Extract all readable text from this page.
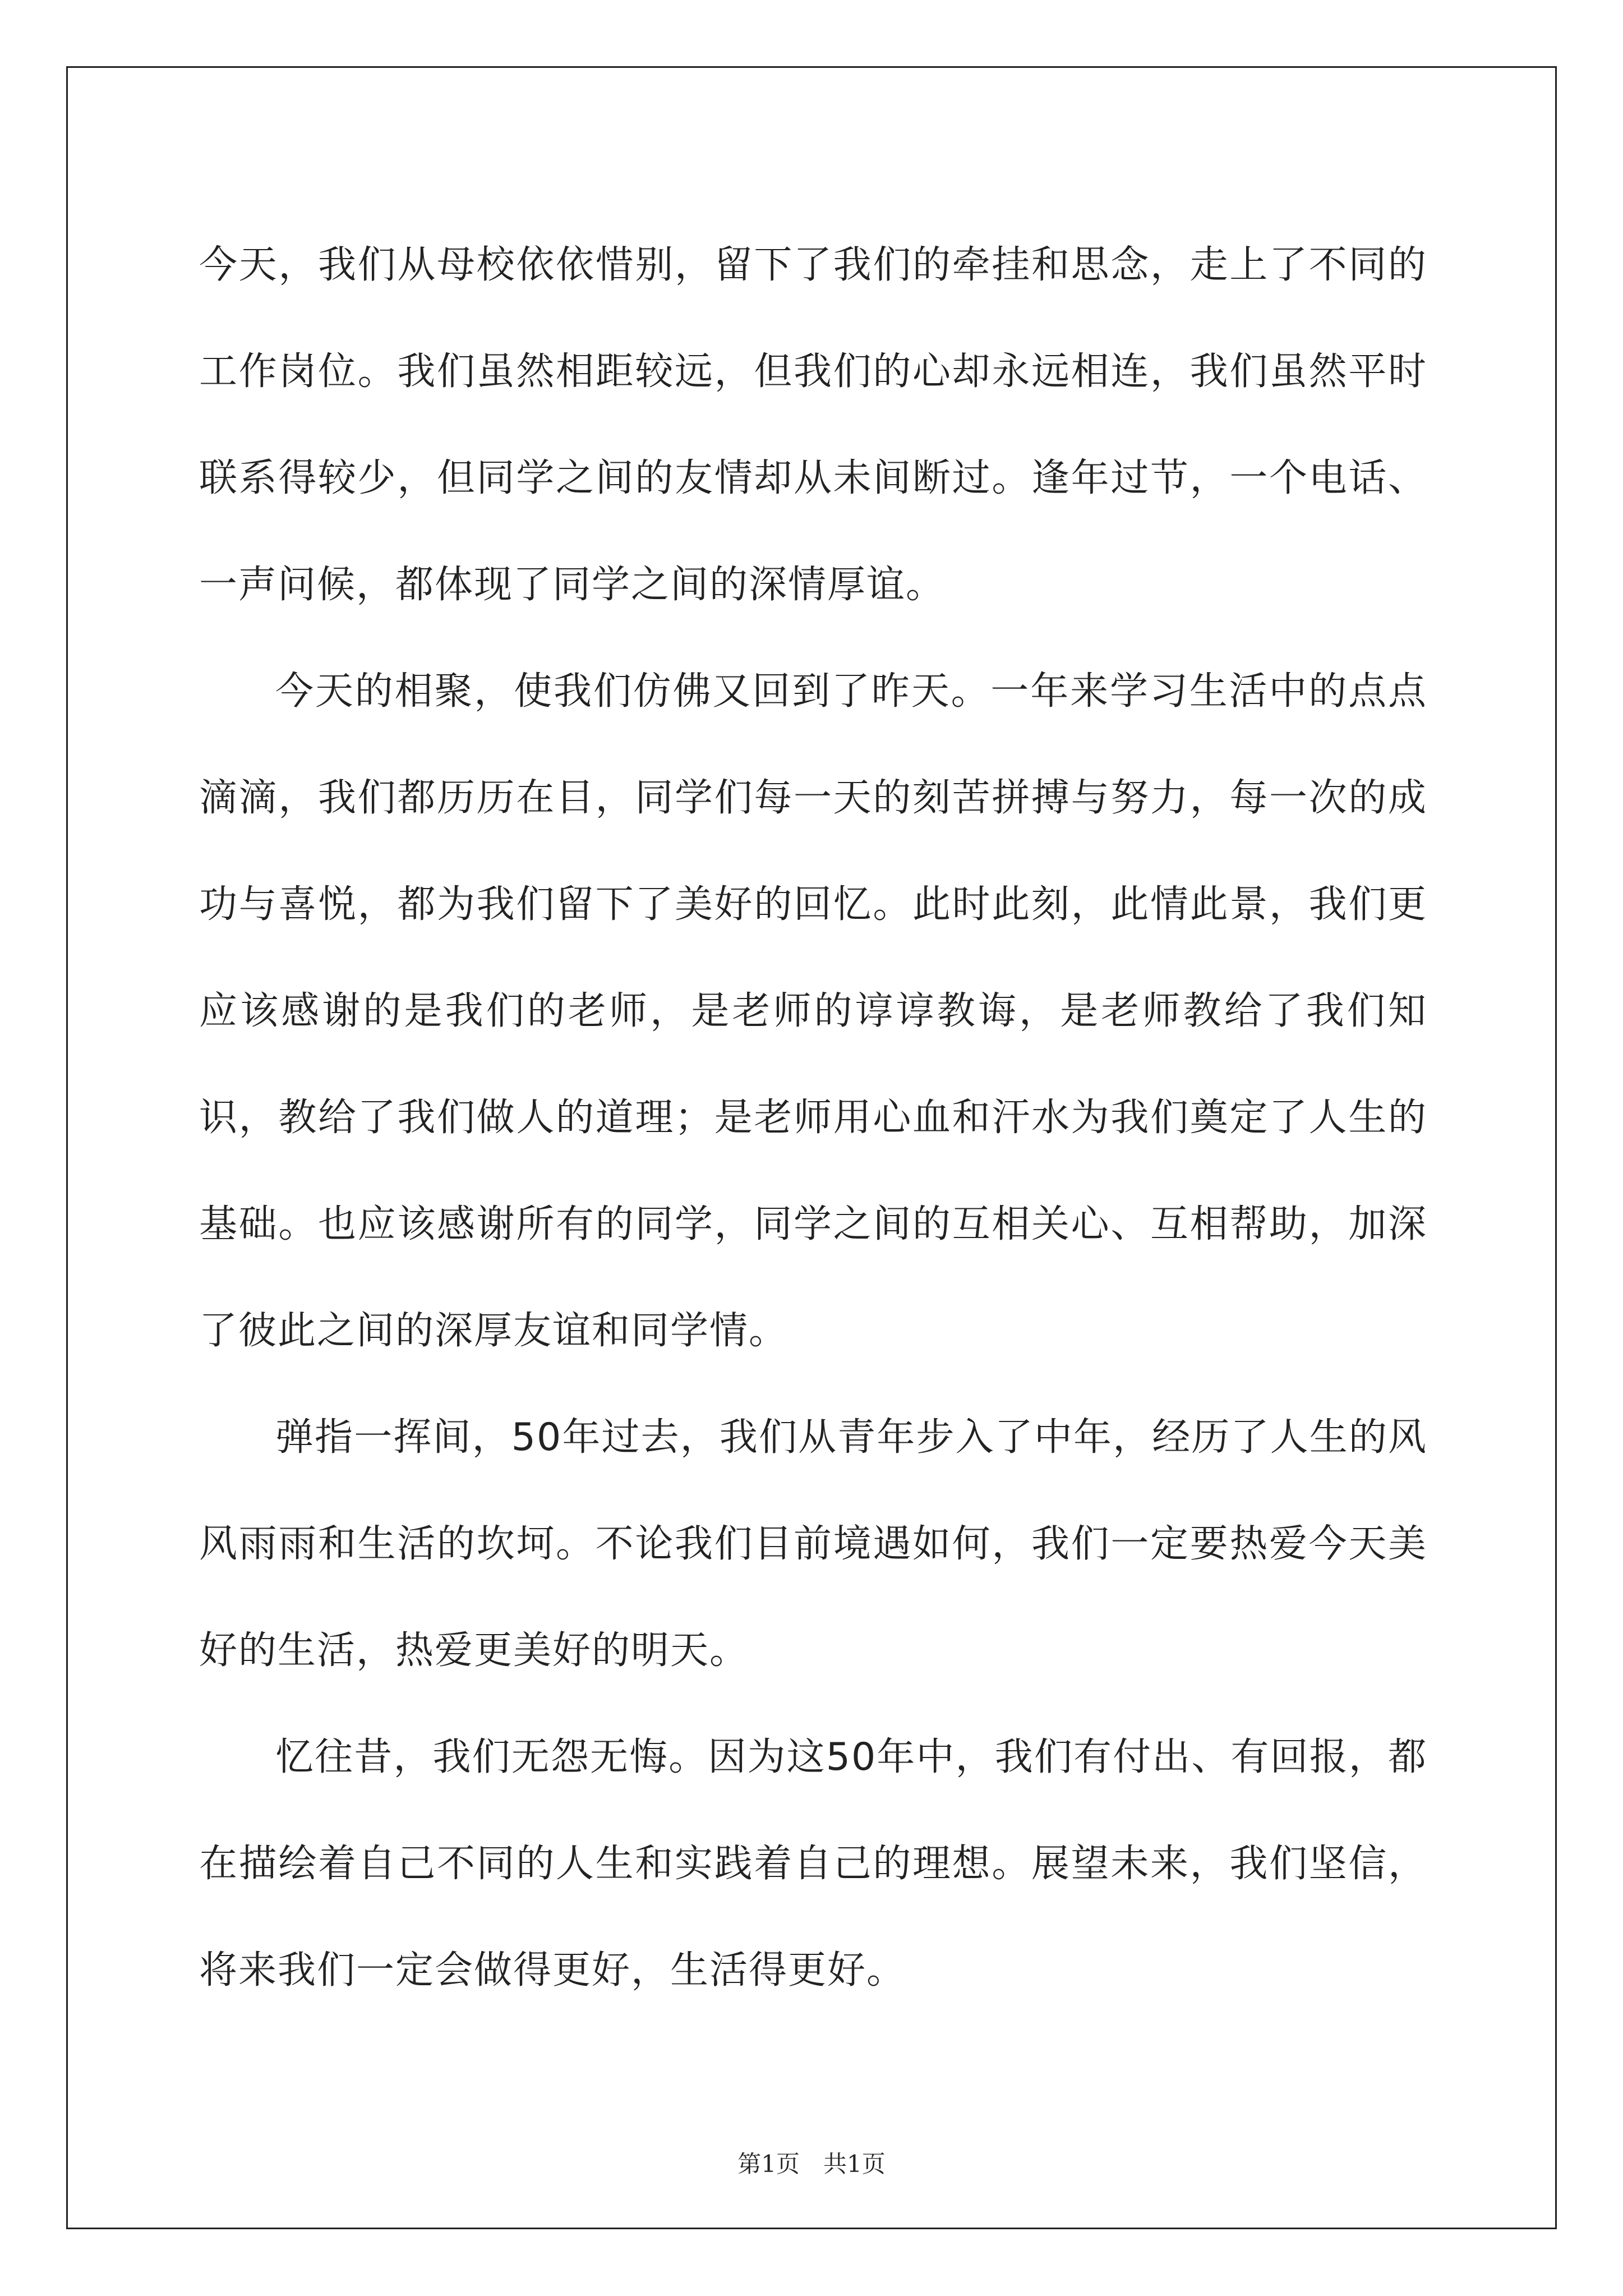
今天，我们从母校依依惜别，留下了我们的牵挂和思念，走上了不同的工作岗位。我们虽然相距较远，但我们的心却永远相连，我们虽然平时联系得较少，但同学之间的友情却从未间断过。逢年过节，一个电话、一声问候，都体现了同学之间的深情厚谊。

今天的相聚，使我们仿佛又回到了昨天。一年来学习生活中的点点滴滴，我们都历历在目，同学们每一天的刻苦拼搏与努力，每一次的成功与喜悦，都为我们留下了美好的回忆。此时此刻，此情此景，我们更应该感谢的是我们的老师，是老师的谆谆教诲，是老师教给了我们知识，教给了我们做人的道理；是老师用心血和汗水为我们奠定了人生的基础。也应该感谢所有的同学，同学之间的互相关心、互相帮助，加深了彼此之间的深厚友谊和同学情。

弹指一挥间，50年过去，我们从青年步入了中年，经历了人生的风风雨雨和生活的坎坷。不论我们目前境遇如何，我们一定要热爱今天美好的生活，热爱更美好的明天。

忆往昔，我们无怨无悔。因为这50年中，我们有付出、有回报，都在描绘着自己不同的人生和实践着自己的理想。展望未来，我们坚信，将来我们一定会做得更好，生活得更好。

第1页　共1页
